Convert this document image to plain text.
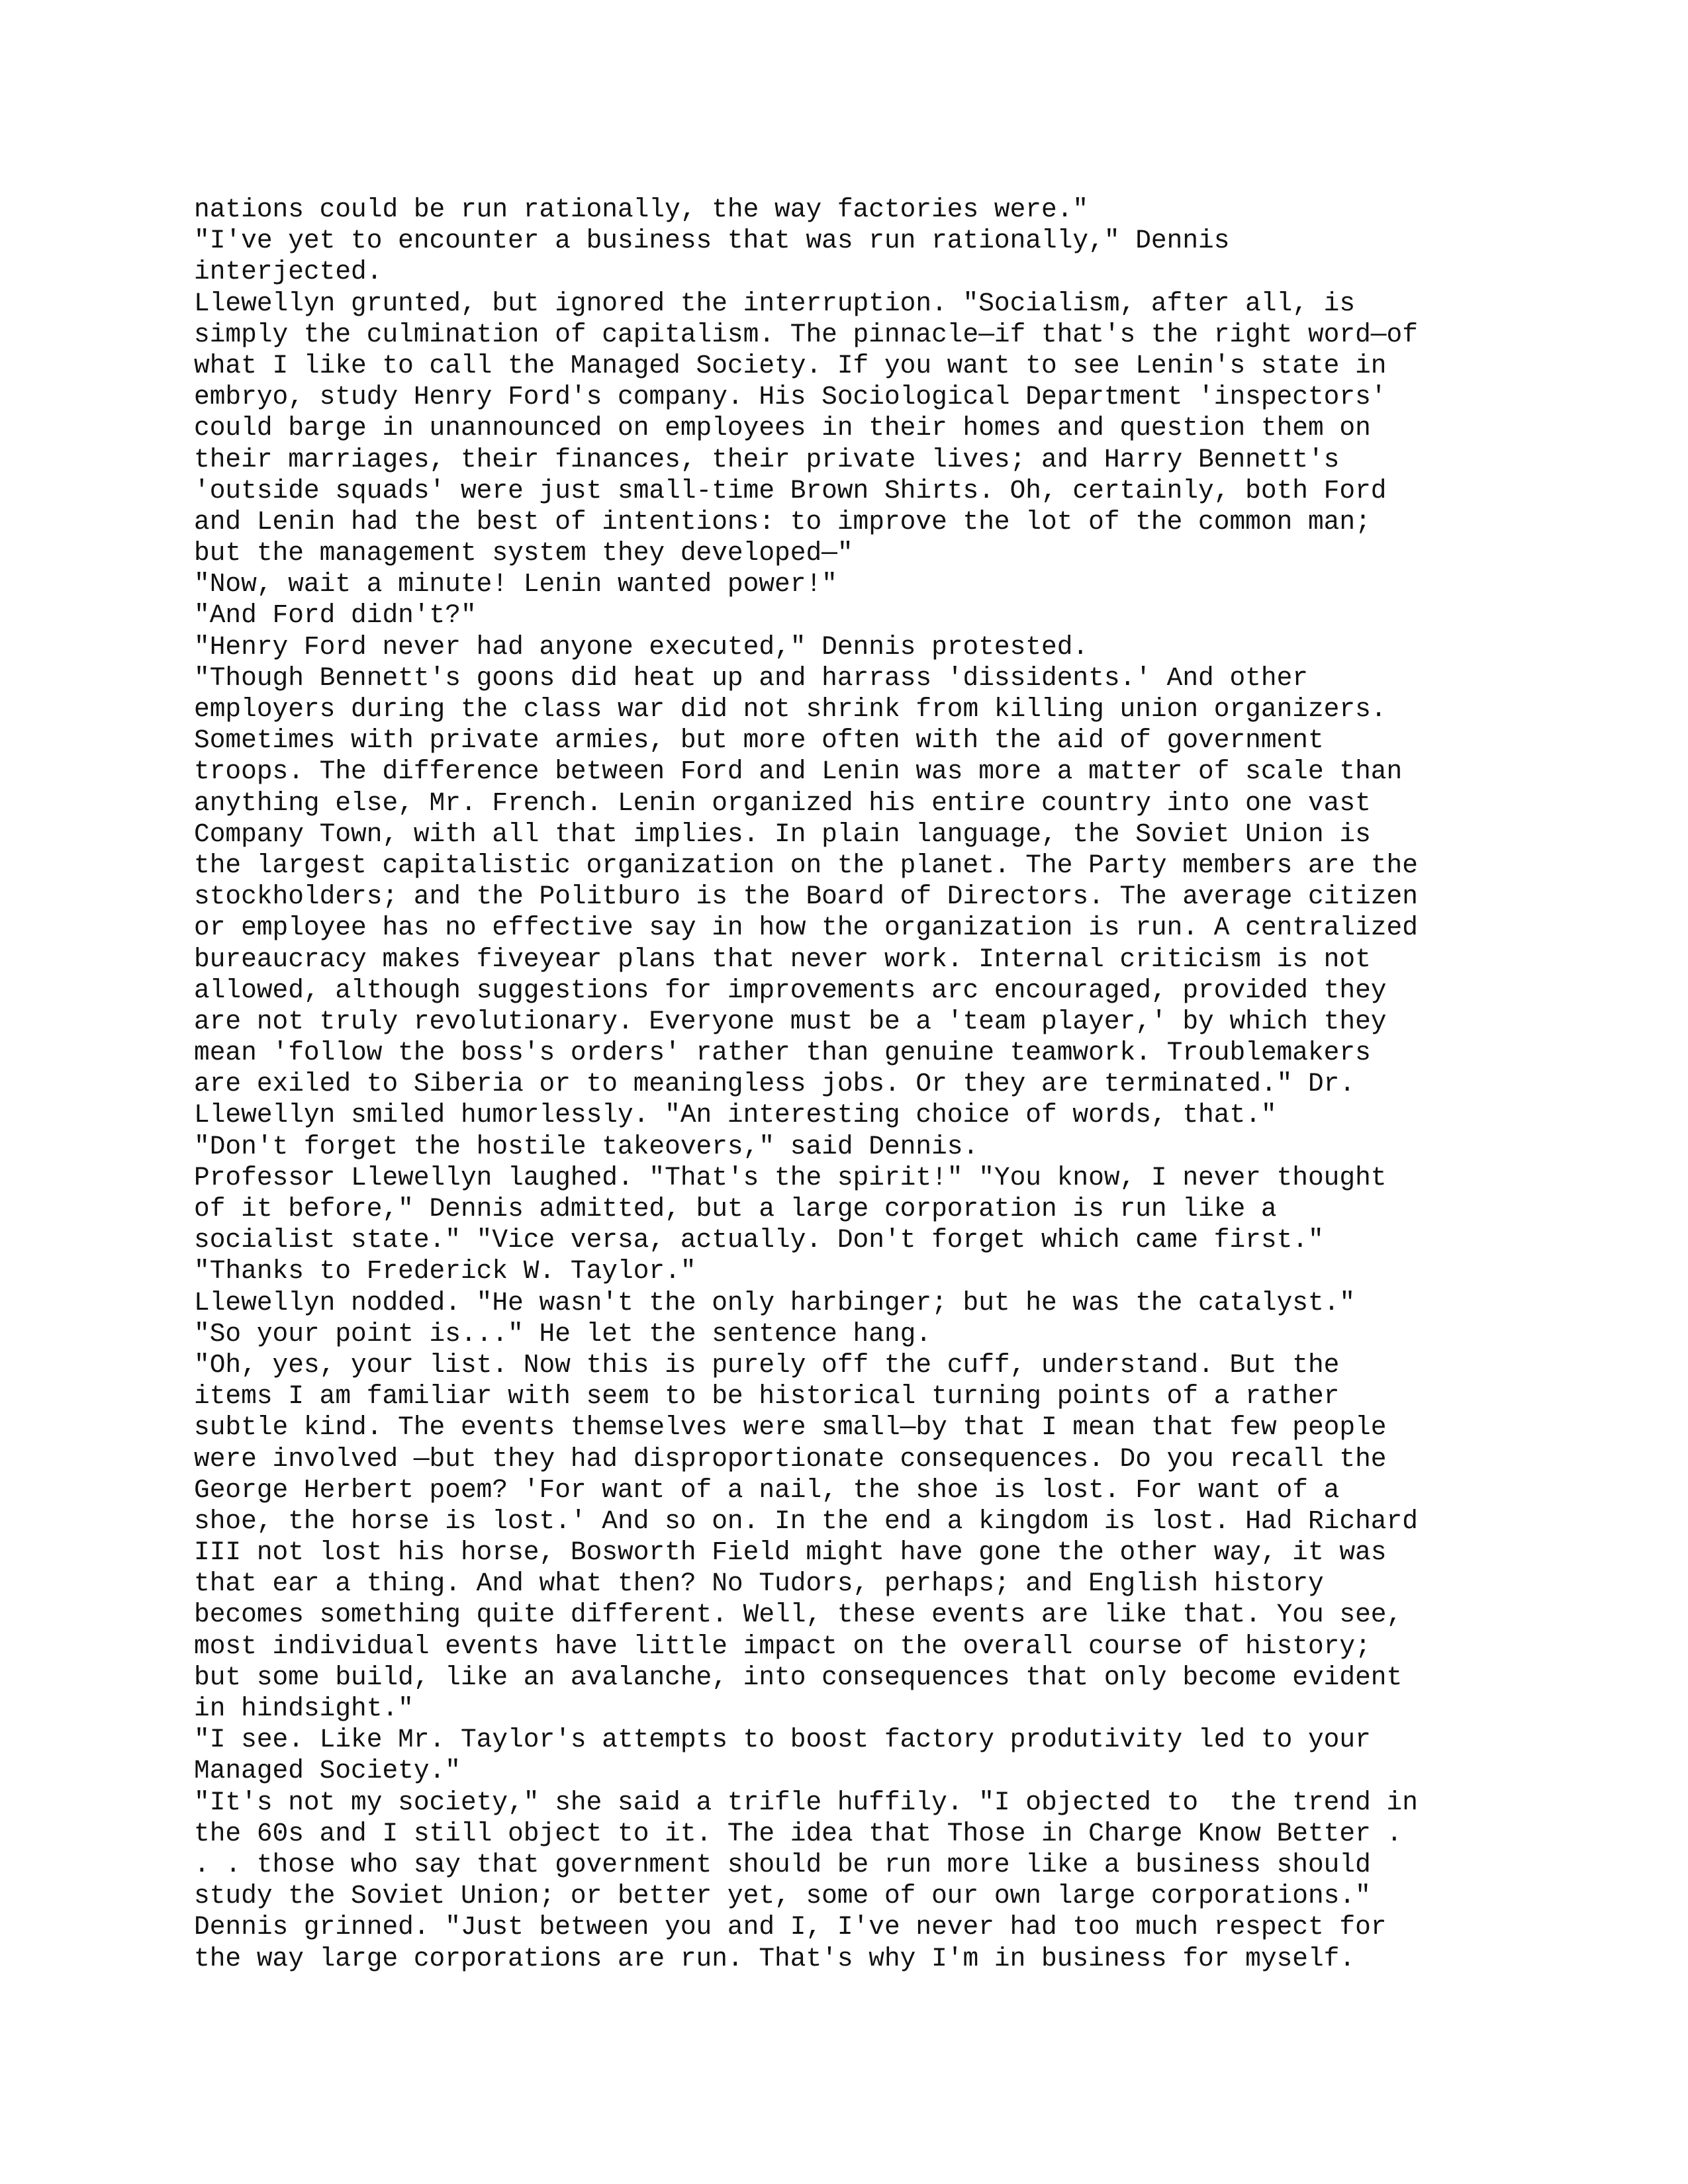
nations could be run rationally, the way factories were."
"I've yet to encounter a business that was run rationally," Dennis
interjected.
Llewellyn grunted, but ignored the interruption. "Socialism, after all, is
simply the culmination of capitalism. The pinnacle—if that's the right word—of
what I like to call the Managed Society. If you want to see Lenin's state in
embryo, study Henry Ford's company. His Sociological Department 'inspectors'
could barge in unannounced on employees in their homes and question them on
their marriages, their finances, their private lives; and Harry Bennett's
'outside squads' were just small-time Brown Shirts. Oh, certainly, both Ford
and Lenin had the best of intentions: to improve the lot of the common man;
but the management system they developed—"
"Now, wait a minute! Lenin wanted power!"
"And Ford didn't?"
"Henry Ford never had anyone executed," Dennis protested.
"Though Bennett's goons did heat up and harrass 'dissidents.' And other
employers during the class war did not shrink from killing union organizers.
Sometimes with private armies, but more often with the aid of government
troops. The difference between Ford and Lenin was more a matter of scale than
anything else, Mr. French. Lenin organized his entire country into one vast
Company Town, with all that implies. In plain language, the Soviet Union is
the largest capitalistic organization on the planet. The Party members are the
stockholders; and the Politburo is the Board of Directors. The average citizen
or employee has no effective say in how the organization is run. A centralized
bureaucracy makes fiveyear plans that never work. Internal criticism is not
allowed, although suggestions for improvements arc encouraged, provided they
are not truly revolutionary. Everyone must be a 'team player,' by which they
mean 'follow the boss's orders' rather than genuine teamwork. Troublemakers
are exiled to Siberia or to meaningless jobs. Or they are terminated." Dr.
Llewellyn smiled humorlessly. "An interesting choice of words, that."
"Don't forget the hostile takeovers," said Dennis.
Professor Llewellyn laughed. "That's the spirit!" "You know, I never thought
of it before," Dennis admitted, but a large corporation is run like a
socialist state." "Vice versa, actually. Don't forget which came first."
"Thanks to Frederick W. Taylor."
Llewellyn nodded. "He wasn't the only harbinger; but he was the catalyst."
"So your point is..." He let the sentence hang.
"Oh, yes, your list. Now this is purely off the cuff, understand. But the
items I am familiar with seem to be historical turning points of a rather
subtle kind. The events themselves were small—by that I mean that few people
were involved —but they had disproportionate consequences. Do you recall the
George Herbert poem? 'For want of a nail, the shoe is lost. For want of a
shoe, the horse is lost.' And so on. In the end a kingdom is lost. Had Richard
III not lost his horse, Bosworth Field might have gone the other way, it was
that ear a thing. And what then? No Tudors, perhaps; and English history
becomes something quite different. Well, these events are like that. You see,
most individual events have little impact on the overall course of history;
but some build, like an avalanche, into consequences that only become evident
in hindsight."
"I see. Like Mr. Taylor's attempts to boost factory produtivity led to your
Managed Society."
"It's not my society," she said a trifle huffily. "I objected to  the trend in
the 60s and I still object to it. The idea that Those in Charge Know Better .
. . those who say that government should be run more like a business should
study the Soviet Union; or better yet, some of our own large corporations."
Dennis grinned. "Just between you and I, I've never had too much respect for
the way large corporations are run. That's why I'm in business for myself.
